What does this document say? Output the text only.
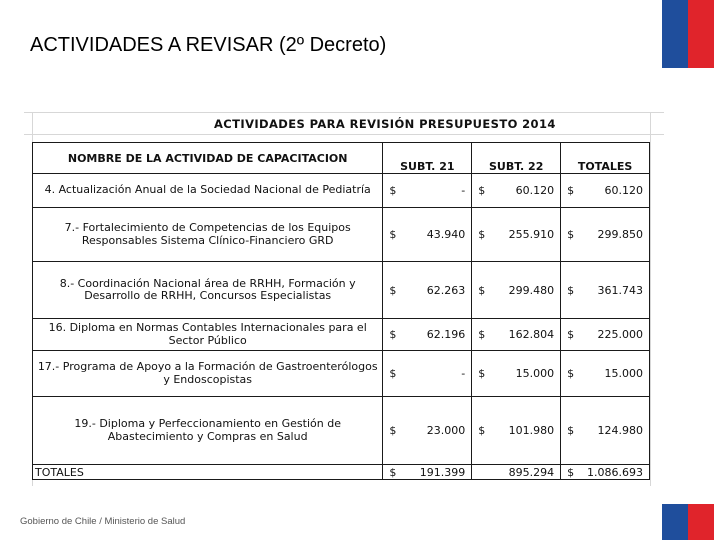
ACTIVIDADES A REVISAR (2º Decreto)
ACTIVIDADES PARA REVISIÓN PRESUPUESTO 2014
NOMBRE DE LA ACTIVIDAD DE CAPACITACION	SUBT. 21	SUBT. 22	TOTALES
4. Actualización Anual de la Sociedad Nacional de Pediatría	$ -	$ 60.120	$ 60.120

7.- Fortalecimiento de Competencias de los Equipos Responsables Sistema Clínico-Financiero GRD	$ 43.940	$ 255.910	$ 299.850

8.- Coordinación Nacional área de RRHH, Formación y Desarrollo de RRHH, Concursos Especialistas	$ 62.263	$ 299.480	$ 361.743

16. Diploma en Normas Contables Internacionales para el Sector Público	$ 62.196	$ 162.804	$ 225.000

17.- Programa de Apoyo a la Formación de Gastroenterólogos y Endoscopistas	$ -	$ 15.000	$ 15.000

19.- Diploma y Perfeccionamiento en Gestión de Abastecimiento y Compras en Salud	$ 23.000	$ 101.980	$ 124.980

TOTALES	$ 191.399	895.294	$ 1.086.693
Gobierno de Chile / Ministerio de Salud
